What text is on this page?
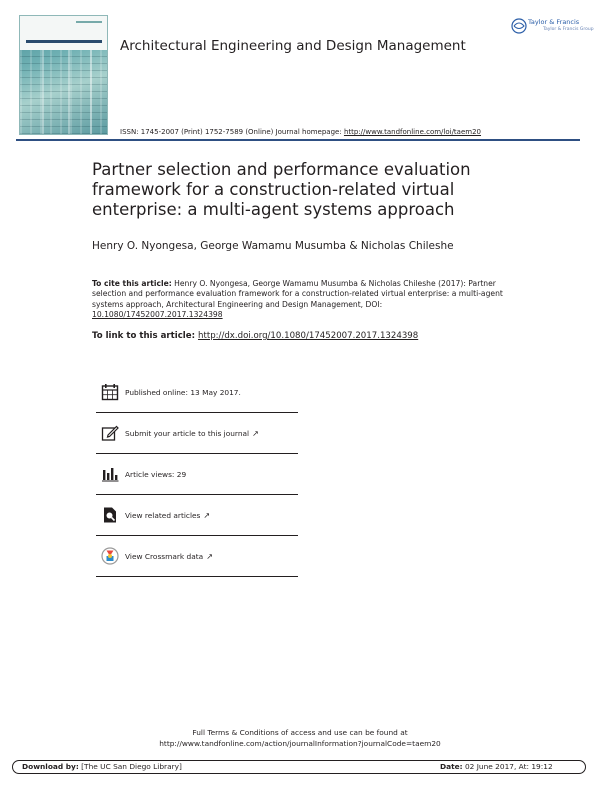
Architectural Engineering and Design Management
ISSN: 1745-2007 (Print) 1752-7589 (Online) Journal homepage: http://www.tandfonline.com/loi/taem20
Taylor & Francis
Taylor & Francis Group
Partner selection and performance evaluation framework for a construction-related virtual enterprise: a multi-agent systems approach
Henry O. Nyongesa, George Wamamu Musumba & Nicholas Chileshe
To cite this article: Henry O. Nyongesa, George Wamamu Musumba & Nicholas Chileshe (2017): Partner selection and performance evaluation framework for a construction-related virtual enterprise: a multi-agent systems approach, Architectural Engineering and Design Management, DOI: 10.1080/17452007.2017.1324398
To link to this article: http://dx.doi.org/10.1080/17452007.2017.1324398
Published online: 13 May 2017.
Submit your article to this journal ↗
Article views: 29
View related articles ↗
View Crossmark data ↗
Full Terms & Conditions of access and use can be found at
http://www.tandfonline.com/action/journalInformation?journalCode=taem20
Download by: [The UC San Diego Library]	Date: 02 June 2017, At: 19:12
